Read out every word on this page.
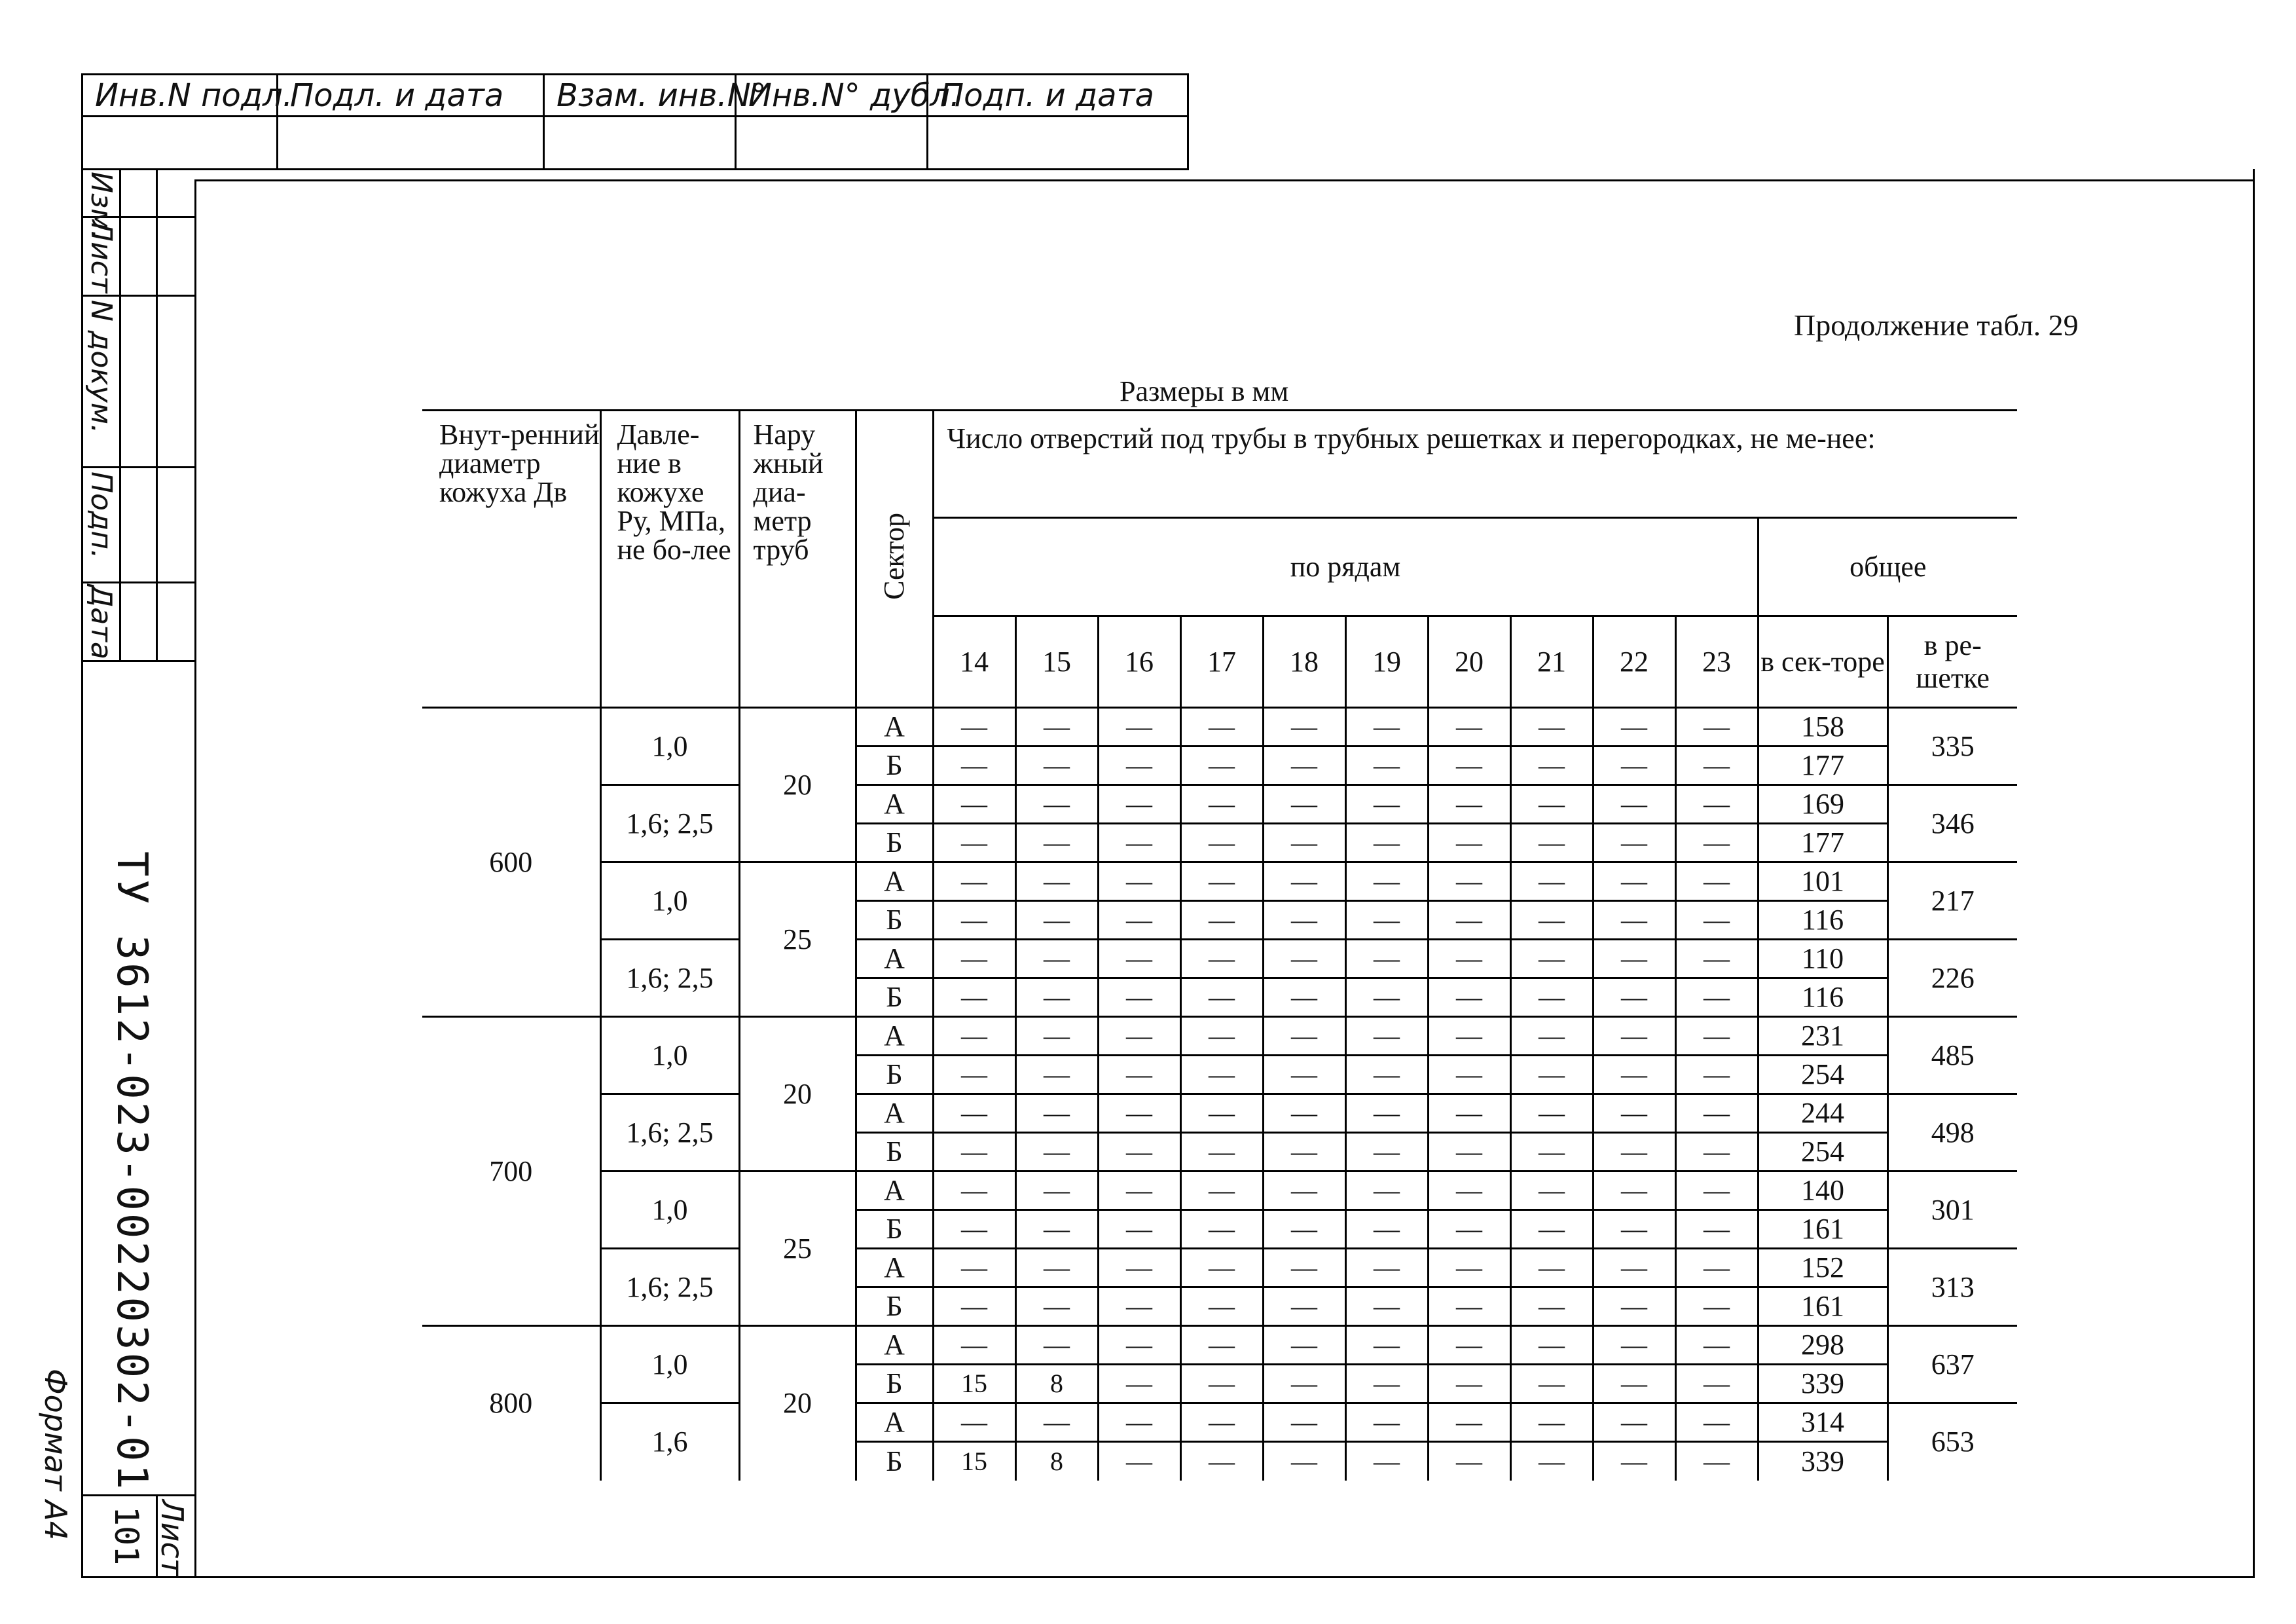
Инв.N подл.
Подл. и дата	Взам. инв.N°
Инв.N° дубл.
Подп. и дата
Изм.
Лист
N докум.
Подп.
Дата
ТУ 3612-023-00220302-01
Формат А4	Лист
101
Продолжение табл. 29
Размеры в мм
Внут-ренний диаметр кожуха Дв	Давле-ние в кожухе Ру, МПа, не бо-лее	Нару жный диа-метр труб	Сектор	Число отверстий под трубы в трубных решетках и перегородках, не ме-нее:											
				по рядам										общее	
				14	15	16	17	18	19	20	21	22	23	в сек-торе	в ре-шетке
600	1,0	20	А	—	—	—	—	—	—	—	—	—	—	158	335
			Б	—	—	—	—	—	—	—	—	—	—	177	
	1,6; 2,5		А	—	—	—	—	—	—	—	—	—	—	169	346
			Б	—	—	—	—	—	—	—	—	—	—	177	
	1,0	25	А	—	—	—	—	—	—	—	—	—	—	101	217
			Б	—	—	—	—	—	—	—	—	—	—	116	
	1,6; 2,5		А	—	—	—	—	—	—	—	—	—	—	110	226
			Б	—	—	—	—	—	—	—	—	—	—	116	
700	1,0	20	А	—	—	—	—	—	—	—	—	—	—	231	485
			Б	—	—	—	—	—	—	—	—	—	—	254	
	1,6; 2,5		А	—	—	—	—	—	—	—	—	—	—	244	498
			Б	—	—	—	—	—	—	—	—	—	—	254	
	1,0	25	А	—	—	—	—	—	—	—	—	—	—	140	301
			Б	—	—	—	—	—	—	—	—	—	—	161	
	1,6; 2,5		А	—	—	—	—	—	—	—	—	—	—	152	313
			Б	—	—	—	—	—	—	—	—	—	—	161	
800	1,0	20	А	—	—	—	—	—	—	—	—	—	—	298	637
			Б	15	8	—	—	—	—	—	—	—	—	339	
	1,6		А	—	—	—	—	—	—	—	—	—	—	314	653
			Б	15	8	—	—	—	—	—	—	—	—	339	
